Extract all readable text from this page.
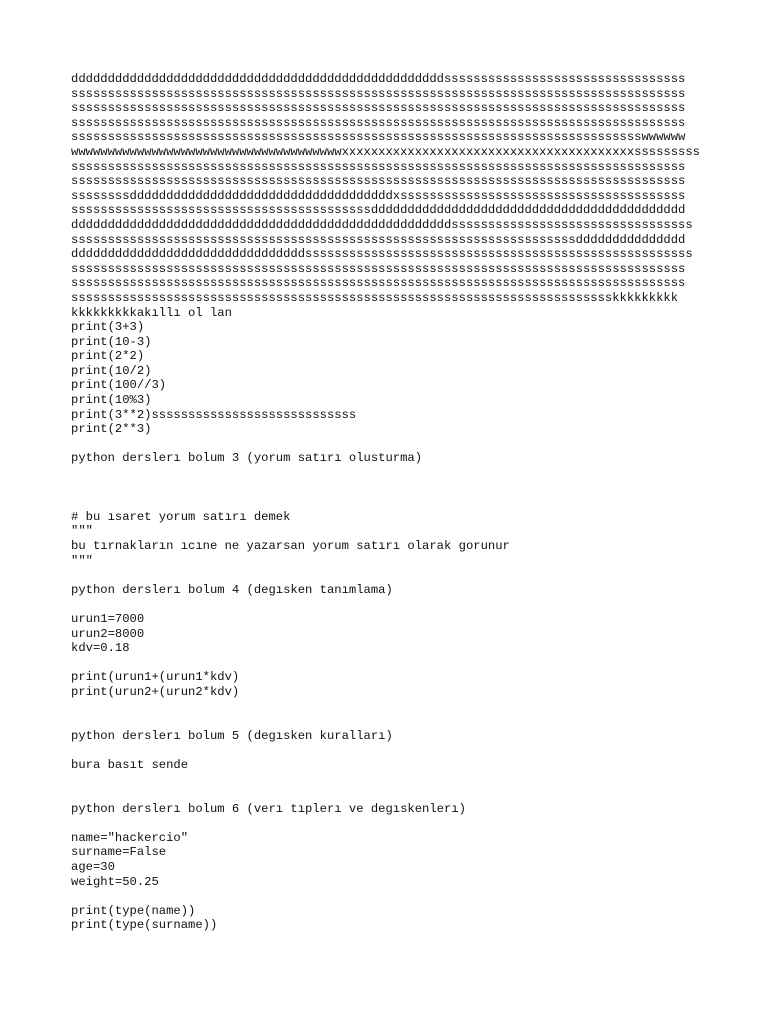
dddddddddddddddddddddddddddddddddddddddddddddddddddsssssssssssssssssssssssssssssssss
ssssssssssssssssssssssssssssssssssssssssssssssssssssssssssssssssssssssssssssssssssss
ssssssssssssssssssssssssssssssssssssssssssssssssssssssssssssssssssssssssssssssssssss
ssssssssssssssssssssssssssssssssssssssssssssssssssssssssssssssssssssssssssssssssssss
sssssssssssssssssssssssssssssssssssssssssssssssssssssssssssssssssssssssssssssswwwwww
wwwwwwwwwwwwwwwwwwwwwwwwwwwwwwwwwwwwwxxxxxxxxxxxxxxxxxxxxxxxxxxxxxxxxxxxxxxxxsssssssss
ssssssssssssssssssssssssssssssssssssssssssssssssssssssssssssssssssssssssssssssssssss
ssssssssssssssssssssssssssssssssssssssssssssssssssssssssssssssssssssssssssssssssssss
ssssssssddddddddddddddddddddddddddddddddddddxsssssssssssssssssssssssssssssssssssssss
sssssssssssssssssssssssssssssssssssssssssddddddddddddddddddddddddddddddddddddddddddd
ddddddddddddddddddddddddddddddddddddddddddddddddddddsssssssssssssssssssssssssssssssss
sssssssssssssssssssssssssssssssssssssssssssssssssssssssssssssssssssssddddddddddddddd
ddddddddddddddddddddddddddddddddsssssssssssssssssssssssssssssssssssssssssssssssssssss
ssssssssssssssssssssssssssssssssssssssssssssssssssssssssssssssssssssssssssssssssssss
ssssssssssssssssssssssssssssssssssssssssssssssssssssssssssssssssssssssssssssssssssss
sssssssssssssssssssssssssssssssssssssssssssssssssssssssssssssssssssssssssskkkkkkkkk
kkkkkkkkkakıllı ol lan
print(3+3)
print(10-3)
print(2*2)
print(10/2)
print(100//3)
print(10%3)
print(3**2)ssssssssssssssssssssssssssss
print(2**3)
python derslerı bolum 3 (yorum satırı olusturma)
# bu ısaret yorum satırı demek
"""
bu tırnakların ıcıne ne yazarsan yorum satırı olarak gorunur
"""
python derslerı bolum 4 (degısken tanımlama)
urun1=7000
urun2=8000
kdv=0.18
print(urun1+(urun1*kdv)
print(urun2+(urun2*kdv)
python derslerı bolum 5 (degısken kuralları)
bura basıt sende
python derslerı bolum 6 (verı tıplerı ve degıskenlerı)
name="hackercio"
surname=False
age=30
weight=50.25
print(type(name))
print(type(surname))
